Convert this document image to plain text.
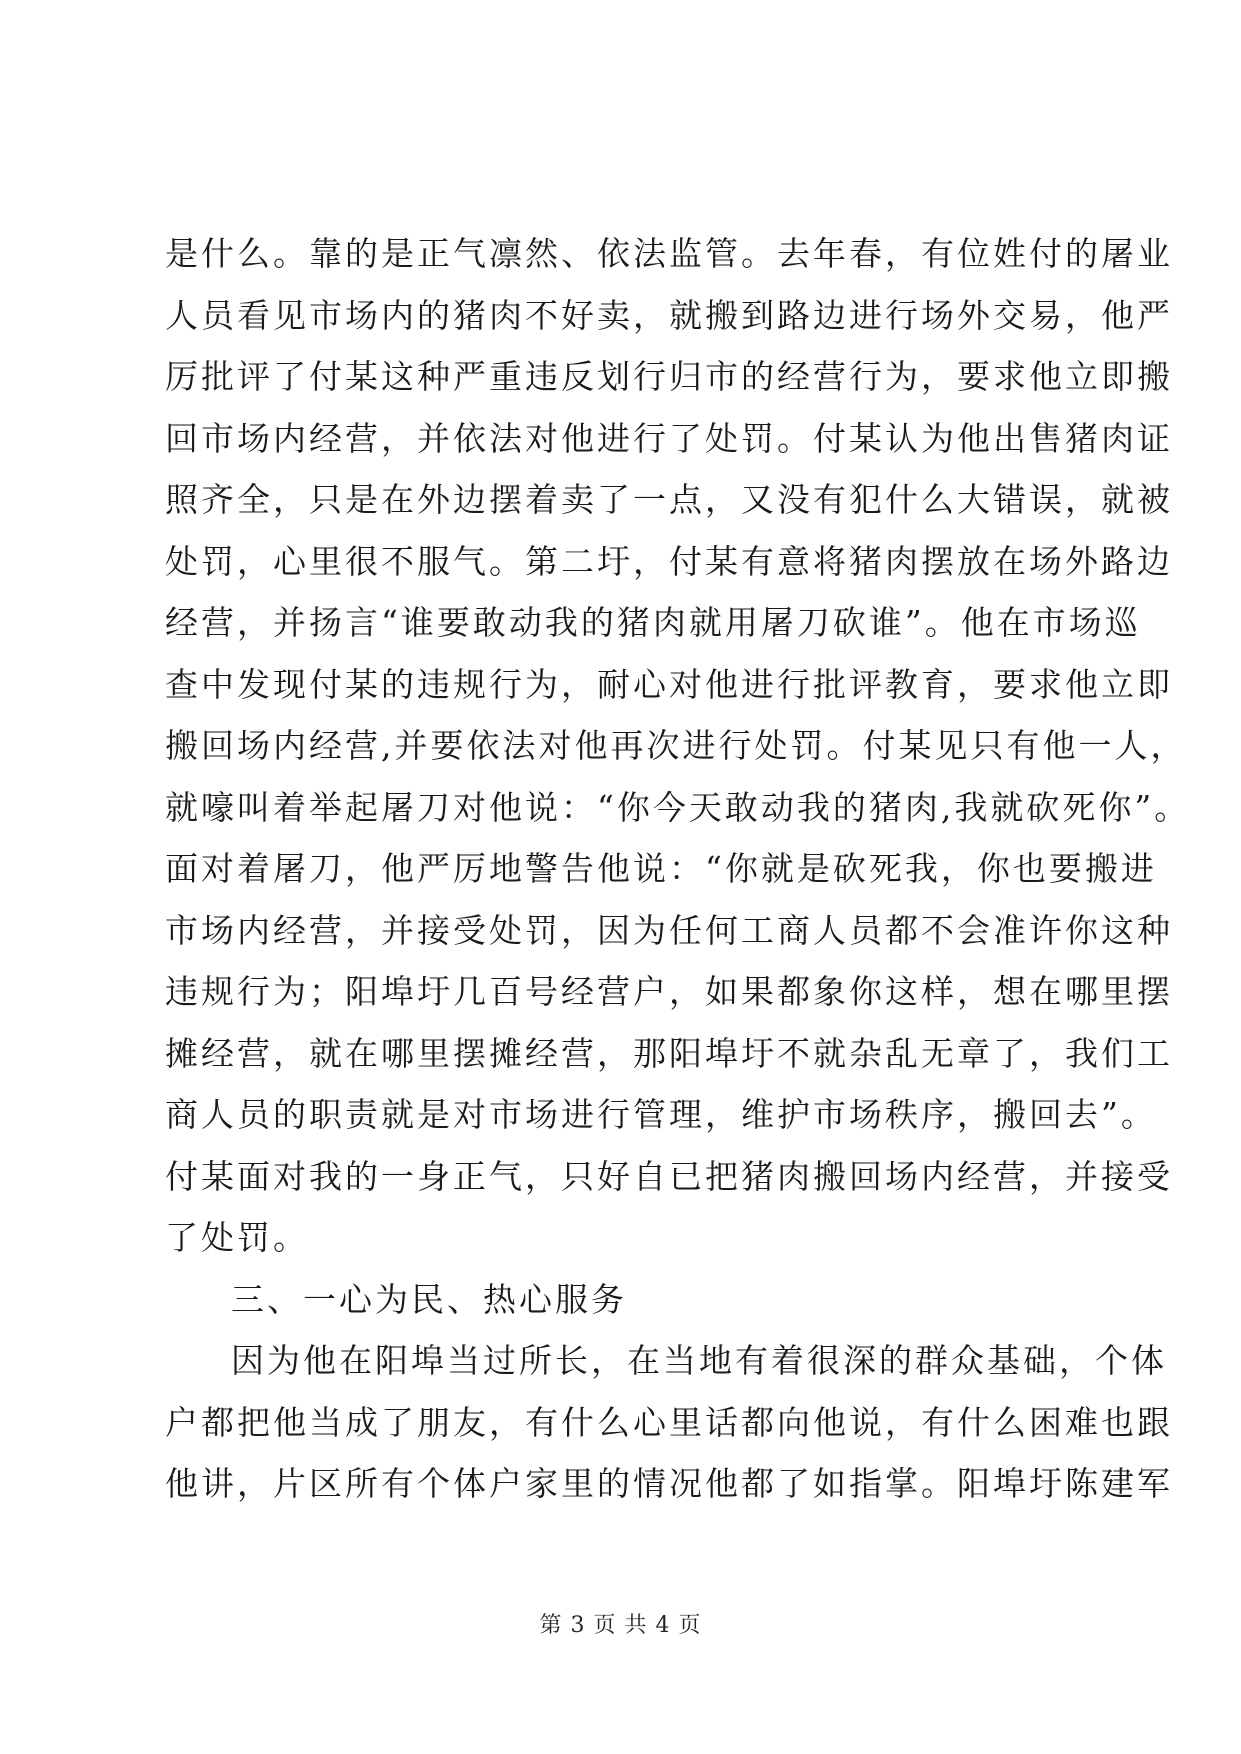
是什么。靠的是正气凛然、依法监管。去年春，有位姓付的屠业
人员看见市场内的猪肉不好卖，就搬到路边进行场外交易，他严
厉批评了付某这种严重违反划行归市的经营行为，要求他立即搬
回市场内经营，并依法对他进行了处罚。付某认为他出售猪肉证
照齐全，只是在外边摆着卖了一点，又没有犯什么大错误，就被
处罚，心里很不服气。第二圩，付某有意将猪肉摆放在场外路边
经营，并扬言“谁要敢动我的猪肉就用屠刀砍谁”。他在市场巡
查中发现付某的违规行为，耐心对他进行批评教育，要求他立即
搬回场内经营,并要依法对他再次进行处罚。付某见只有他一人，
就嚎叫着举起屠刀对他说：“你今天敢动我的猪肉,我就砍死你”。
面对着屠刀，他严厉地警告他说：“你就是砍死我，你也要搬进
市场内经营，并接受处罚，因为任何工商人员都不会准许你这种
违规行为；阳埠圩几百号经营户，如果都象你这样，想在哪里摆
摊经营，就在哪里摆摊经营，那阳埠圩不就杂乱无章了，我们工
商人员的职责就是对市场进行管理，维护市场秩序，搬回去”。
付某面对我的一身正气，只好自已把猪肉搬回场内经营，并接受
了处罚。
三、一心为民、热心服务
因为他在阳埠当过所长，在当地有着很深的群众基础，个体
户都把他当成了朋友，有什么心里话都向他说，有什么困难也跟
他讲，片区所有个体户家里的情况他都了如指掌。阳埠圩陈建军
第 3 页 共 4 页
